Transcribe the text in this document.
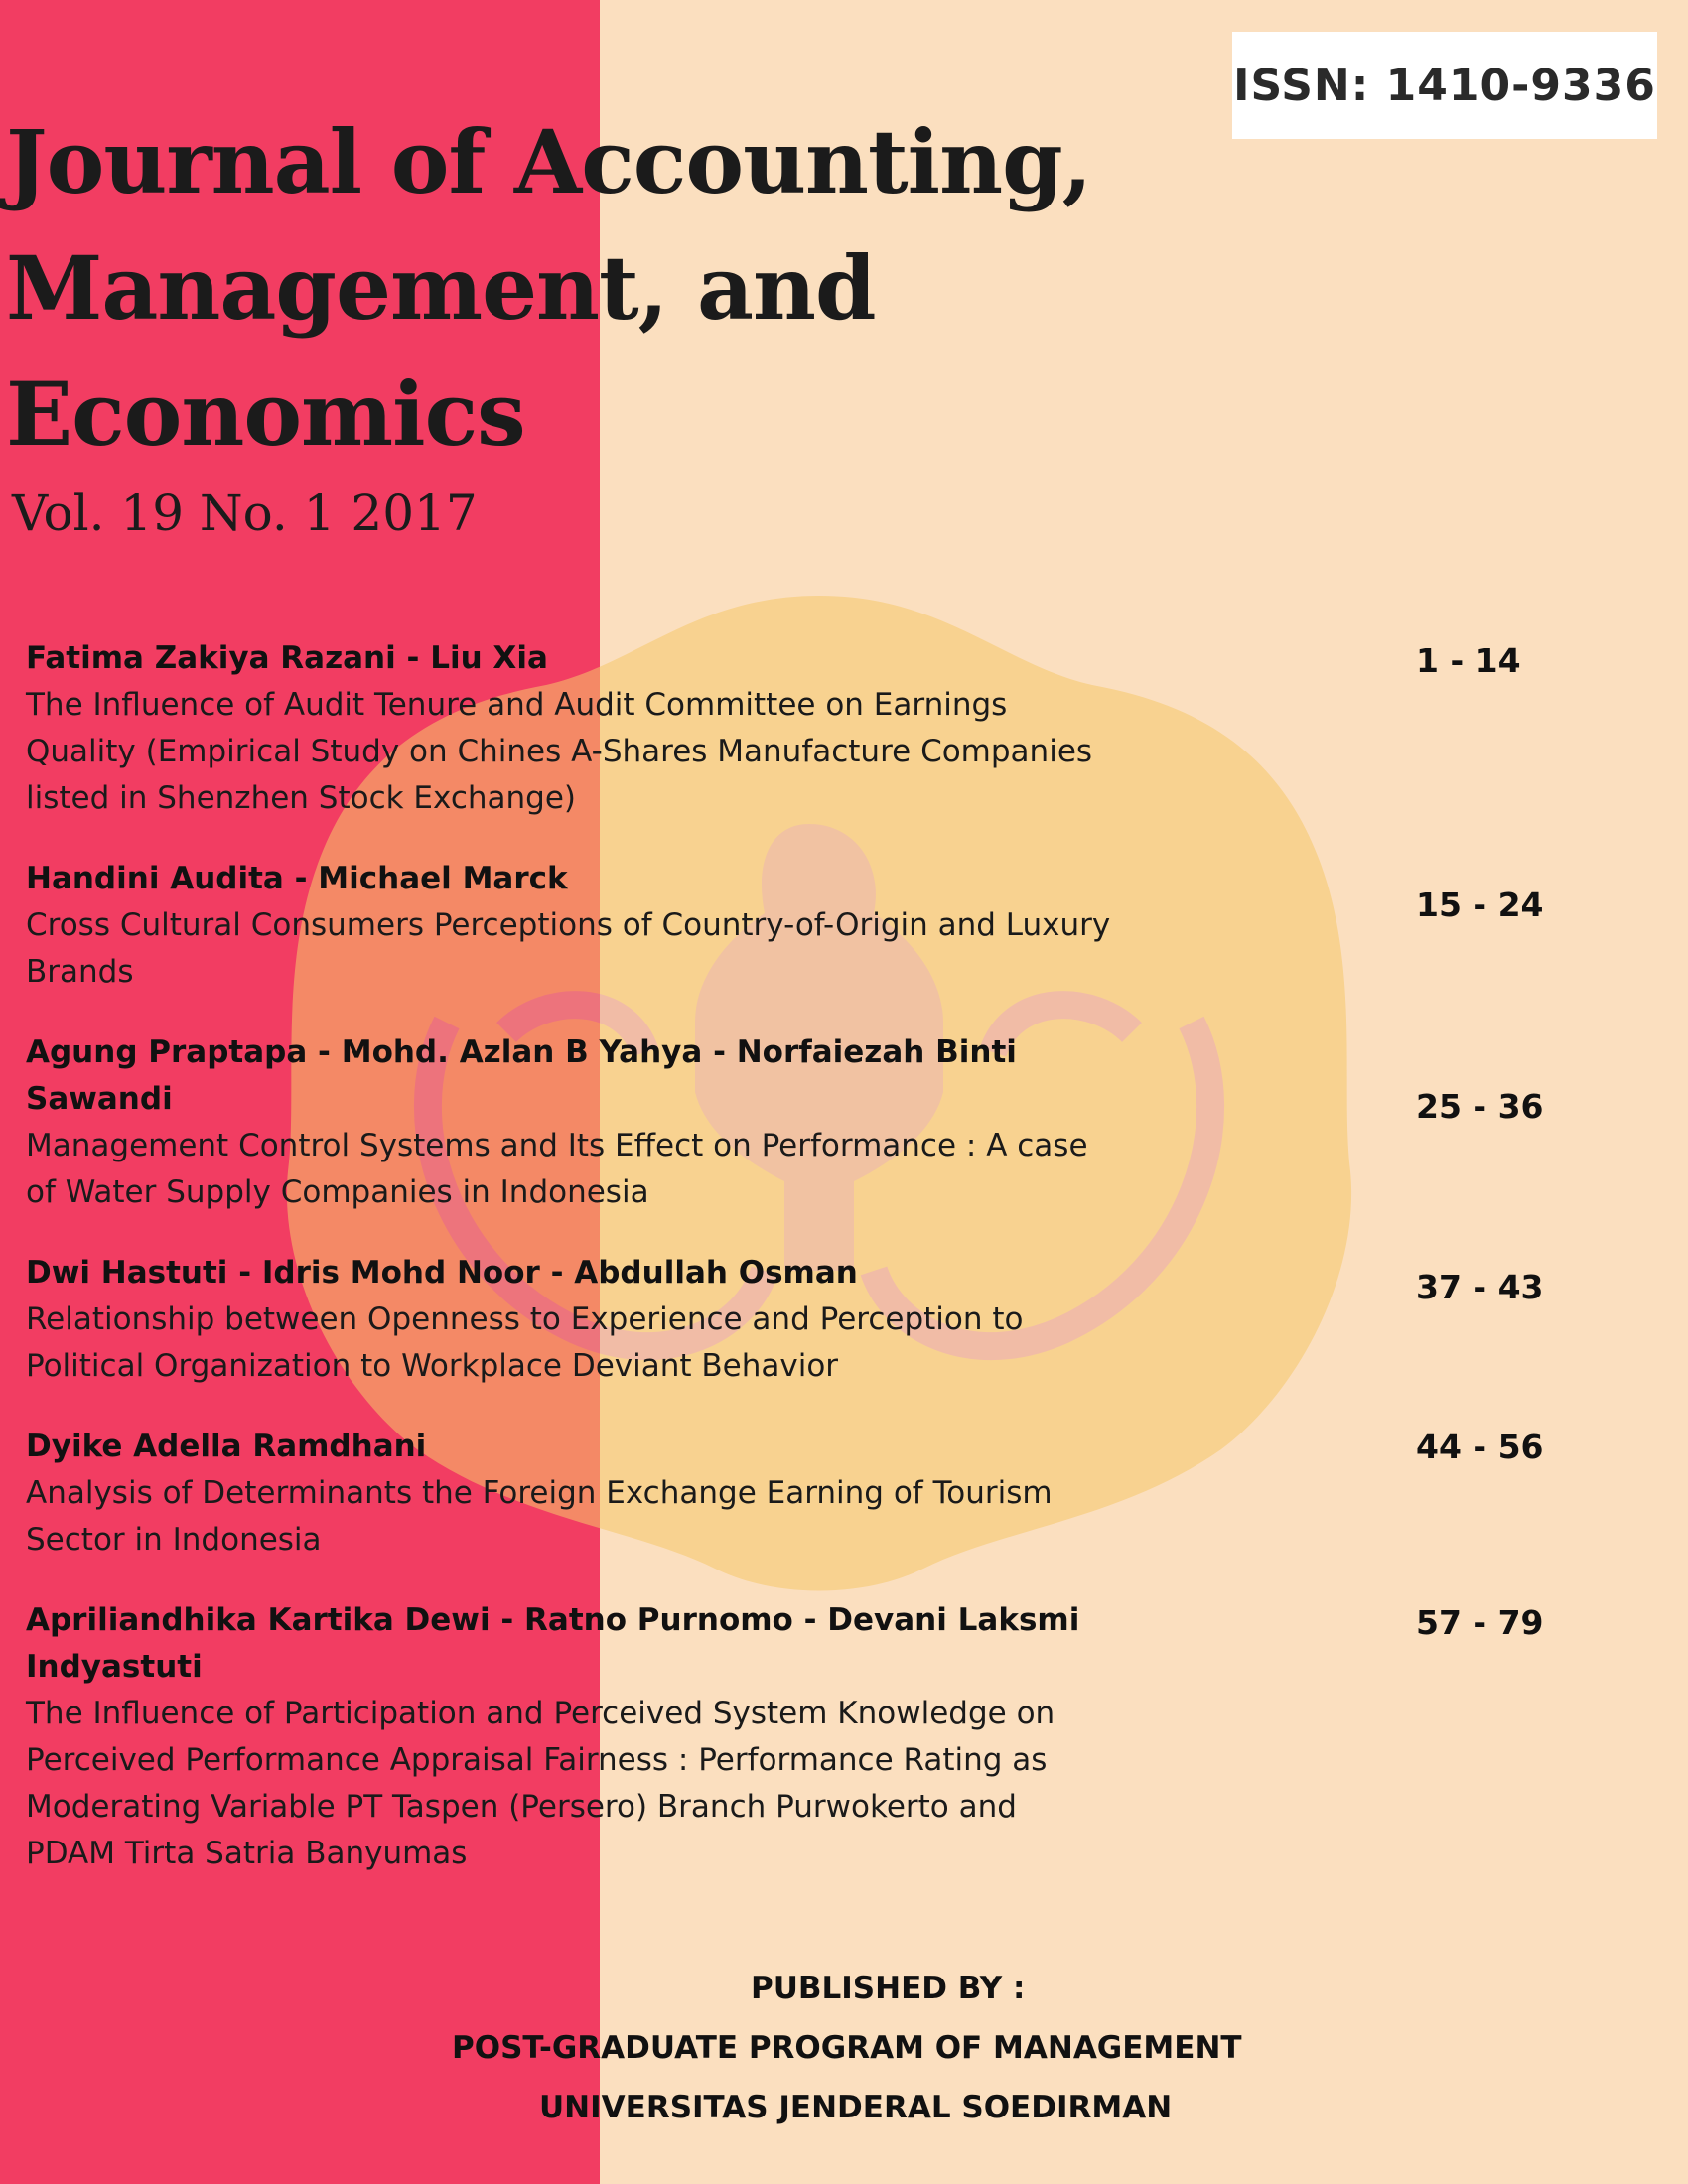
ISSN: 1410-9336
Journal of Accounting,
Management, and
Economics
Vol. 19 No. 1 2017
Fatima Zakiya Razani - Liu Xia
The Influence of Audit Tenure and Audit Committee on Earnings
Quality (Empirical Study on Chines A-Shares Manufacture Companies
listed in Shenzhen Stock Exchange)
1 - 14
Handini Audita - Michael Marck
Cross Cultural Consumers Perceptions of Country-of-Origin and Luxury
Brands
15 - 24
Agung Praptapa - Mohd. Azlan B Yahya - Norfaiezah Binti Sawandi
Management Control Systems and Its Effect on Performance : A case
of Water Supply Companies in Indonesia
25 - 36
Dwi Hastuti - Idris Mohd Noor - Abdullah Osman
Relationship between Openness to Experience and Perception to
Political Organization to Workplace Deviant Behavior
37 - 43
Dyike Adella Ramdhani
Analysis of Determinants the Foreign Exchange Earning of Tourism
Sector in Indonesia
44 - 56
Apriliandhika Kartika Dewi - Ratno Purnomo - Devani Laksmi Indyastuti
The Influence of Participation and Perceived System Knowledge on
Perceived Performance Appraisal Fairness : Performance Rating as
Moderating Variable PT Taspen (Persero) Branch Purwokerto and
PDAM Tirta Satria Banyumas
57 - 79
PUBLISHED BY :
POST-GRADUATE PROGRAM OF MANAGEMENT
UNIVERSITAS JENDERAL SOEDIRMAN
